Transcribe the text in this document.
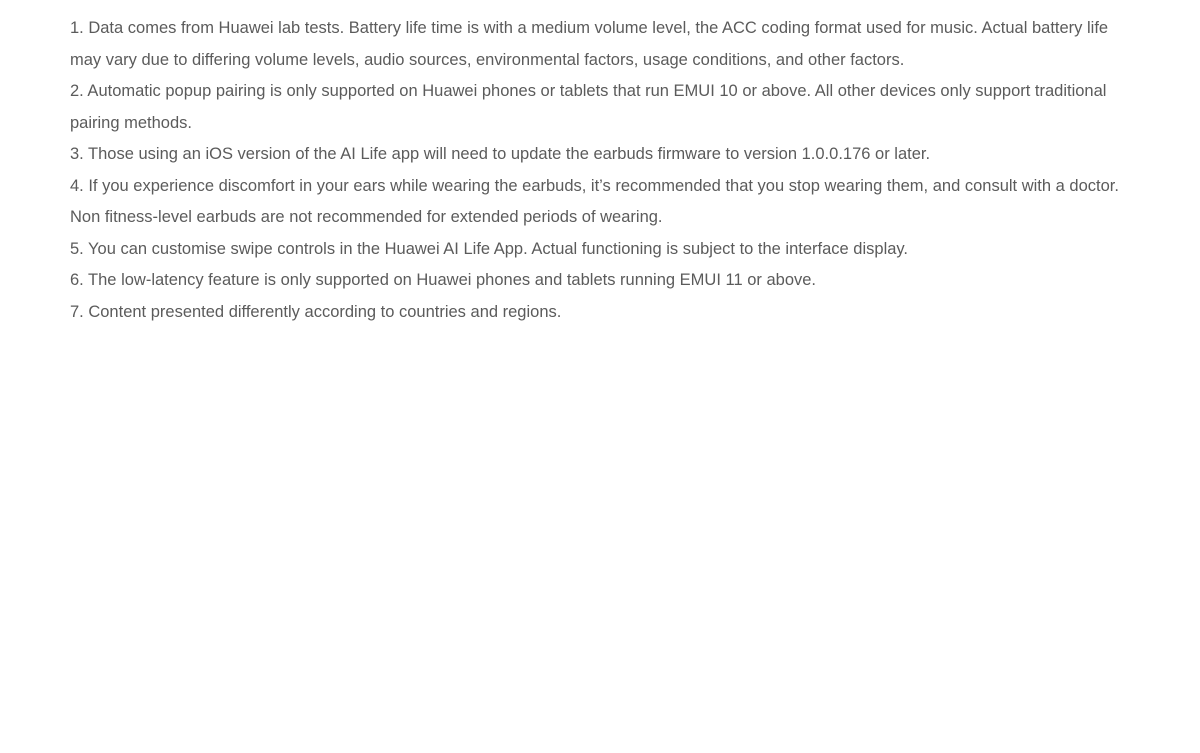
1. Data comes from Huawei lab tests. Battery life time is with a medium volume level, the ACC coding format used for music. Actual battery life may vary due to differing volume levels, audio sources, environmental factors, usage conditions, and other factors.

2. Automatic popup pairing is only supported on Huawei phones or tablets that run EMUI 10 or above. All other devices only support traditional pairing methods.

3. Those using an iOS version of the AI Life app will need to update the earbuds firmware to version 1.0.0.176 or later.

4. If you experience discomfort in your ears while wearing the earbuds, it’s recommended that you stop wearing them, and consult with a doctor. Non fitness-level earbuds are not recommended for extended periods of wearing.

5. You can customise swipe controls in the Huawei AI Life App. Actual functioning is subject to the interface display.

6. The low-latency feature is only supported on Huawei phones and tablets running EMUI 11 or above.

7. Content presented differently according to countries and regions.
